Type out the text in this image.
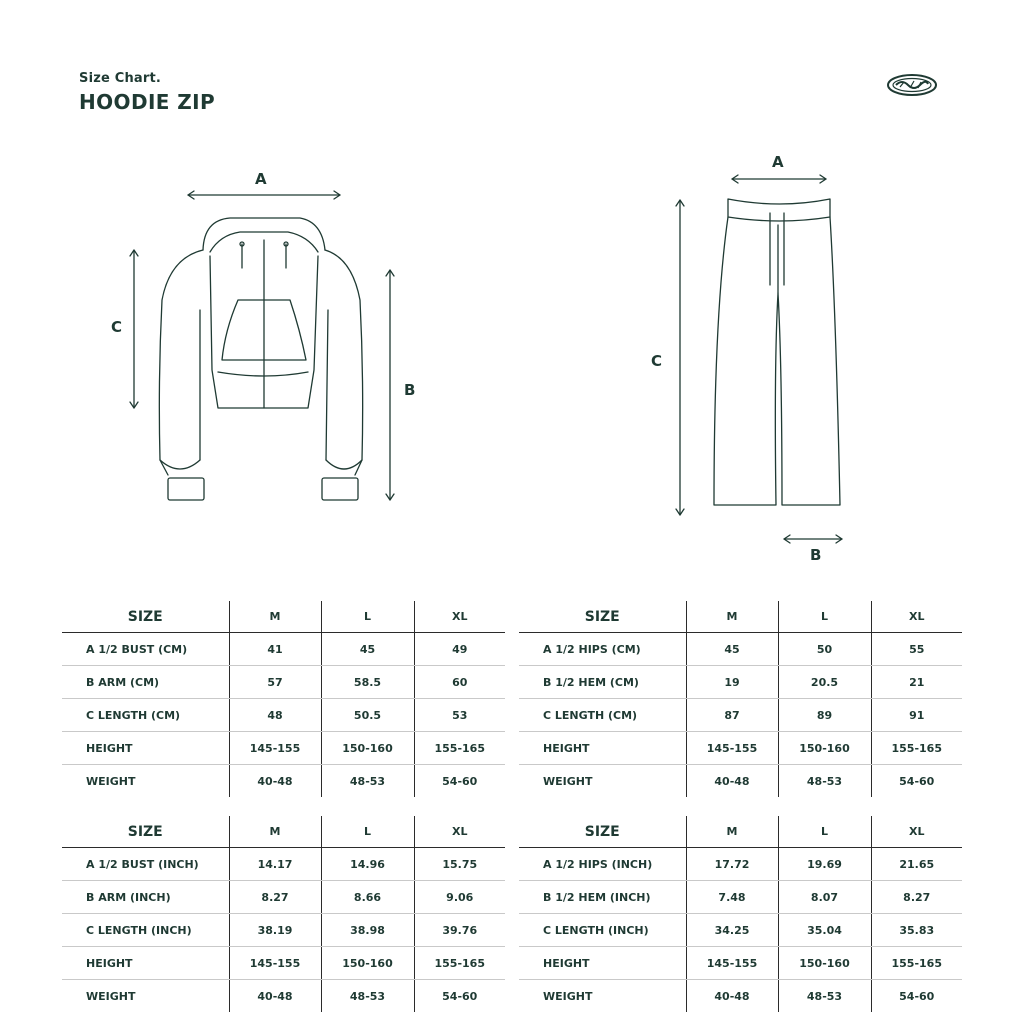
Size Chart.
HOODIE ZIP
A
C
B
A
C
B
SIZE	M	L	XL
A 1/2 BUST (CM)	41	45	49
B ARM (CM)	57	58.5	60
C LENGTH (CM)	48	50.5	53
HEIGHT	145-155	150-160	155-165
WEIGHT	40-48	48-53	54-60
SIZE	M	L	XL
A 1/2 HIPS (CM)	45	50	55
B 1/2 HEM (CM)	19	20.5	21
C LENGTH (CM)	87	89	91
HEIGHT	145-155	150-160	155-165
WEIGHT	40-48	48-53	54-60
SIZE	M	L	XL
A 1/2 BUST (INCH)	14.17	14.96	15.75
B ARM (INCH)	8.27	8.66	9.06
C LENGTH (INCH)	38.19	38.98	39.76
HEIGHT	145-155	150-160	155-165
WEIGHT	40-48	48-53	54-60
SIZE	M	L	XL
A 1/2 HIPS (INCH)	17.72	19.69	21.65
B 1/2 HEM (INCH)	7.48	8.07	8.27
C LENGTH (INCH)	34.25	35.04	35.83
HEIGHT	145-155	150-160	155-165
WEIGHT	40-48	48-53	54-60
